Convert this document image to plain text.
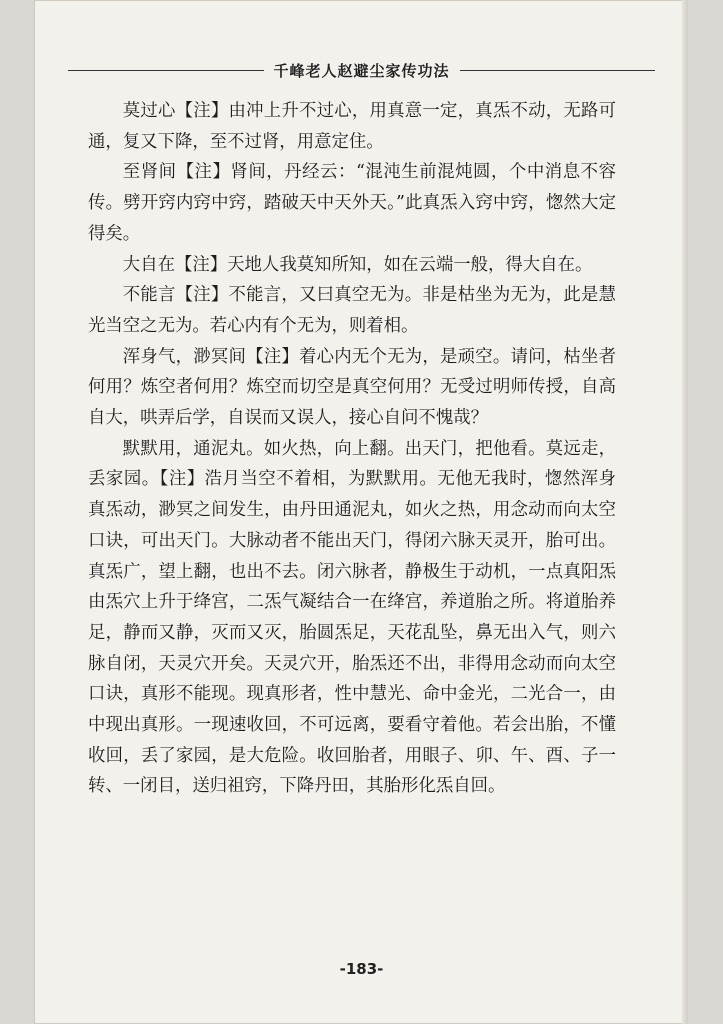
千峰老人赵避尘家传功法

莫过心【注】由冲上升不过心，用真意一定，真炁不动，无路可通，复又下降，至不过肾，用意定住。

至肾间【注】肾间，丹经云：“混沌生前混炖圆，个中消息不容传。劈开窍内窍中窍，踏破天中天外天。”此真炁入窍中窍，愡然大定得矣。

大自在【注】天地人我莫知所知，如在云端一般，得大自在。

不能言【注】不能言，又曰真空无为。非是枯坐为无为，此是慧光当空之无为。若心内有个无为，则着相。

浑身气，渺冥间【注】着心内无个无为，是顽空。请问，枯坐者何用？炼空者何用？炼空而切空是真空何用？无受过明师传授，自高自大，哄弄后学，自误而又误人，接心自问不愧哉？

默默用，通泥丸。如火热，向上翻。出天门，把他看。莫远走，丢家园。【注】浩月当空不着相，为默默用。无他无我时，愡然浑身真炁动，渺冥之间发生，由丹田通泥丸，如火之热，用念动而向太空口诀，可出天门。大脉动者不能出天门，得闭六脉天灵开，胎可出。真炁广，望上翻，也出不去。闭六脉者，静极生于动机，一点真阳炁由炁穴上升于绛宫，二炁气凝结合一在绛宫，养道胎之所。将道胎养足，静而又静，灭而又灭，胎圆炁足，天花乱坠，鼻无出入气，则六脉自闭，天灵穴开矣。天灵穴开，胎炁还不出，非得用念动而向太空口诀，真形不能现。现真形者，性中慧光、命中金光，二光合一，由中现出真形。一现速收回，不可远离，要看守着他。若会出胎，不懂收回，丢了家园，是大危险。收回胎者，用眼子、卯、午、酉、子一转、一闭目，送归祖窍，下降丹田，其胎形化炁自回。

-183-
